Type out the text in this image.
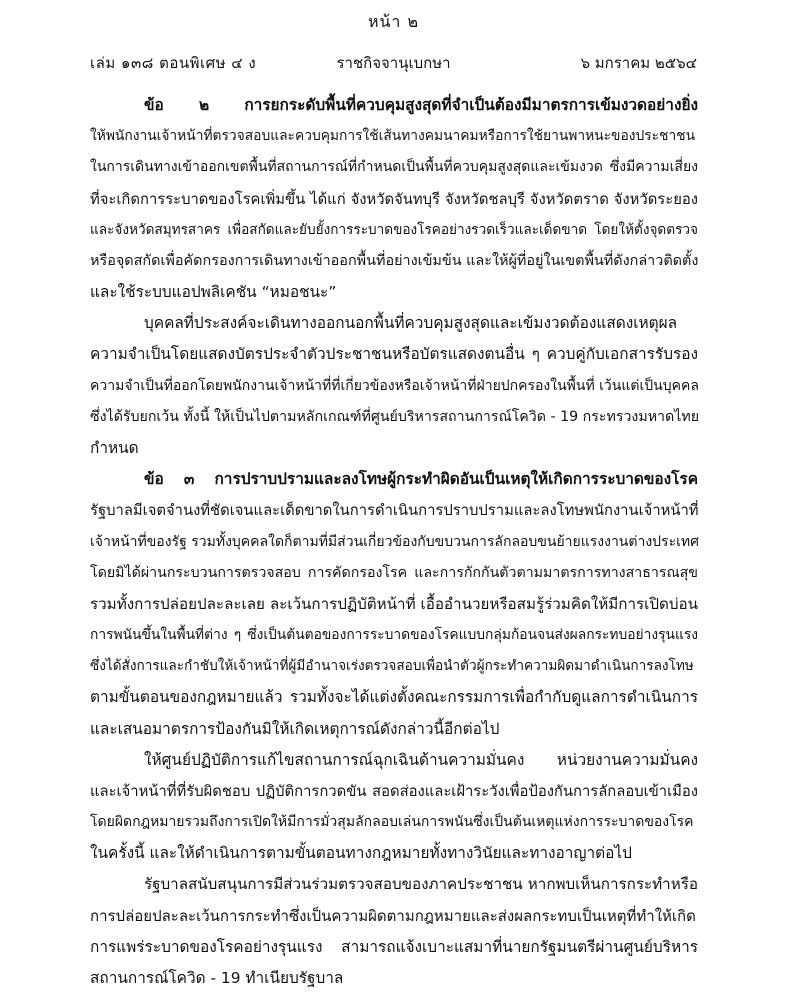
หน้า ๒
เล่ม ๑๓๘ ตอนพิเศษ ๔ ง	ราชกิจจานุเบกษา	๖ มกราคม ๒๕๖๔
ข้อ ๒ การยกระดับพื้นที่ควบคุมสูงสุดที่จำเป็นต้องมีมาตรการเข้มงวดอย่างยิ่ง
ให้พนักงานเจ้าหน้าที่ตรวจสอบและควบคุมการใช้เส้นทางคมนาคมหรือการใช้ยานพาหนะของประชาชน
ในการเดินทางเข้าออกเขตพื้นที่สถานการณ์ที่กำหนดเป็นพื้นที่ควบคุมสูงสุดและเข้มงวด ซึ่งมีความเสี่ยง
ที่จะเกิดการระบาดของโรคเพิ่มขึ้น ได้แก่ จังหวัดจันทบุรี จังหวัดชลบุรี จังหวัดตราด จังหวัดระยอง
และจังหวัดสมุทรสาคร เพื่อสกัดและยับยั้งการระบาดของโรคอย่างรวดเร็วและเด็ดขาด โดยให้ตั้งจุดตรวจ
หรือจุดสกัดเพื่อคัดกรองการเดินทางเข้าออกพื้นที่อย่างเข้มข้น และให้ผู้ที่อยู่ในเขตพื้นที่ดังกล่าวติดตั้ง
และใช้ระบบแอปพลิเคชัน “หมอชนะ”
บุคคลที่ประสงค์จะเดินทางออกนอกพื้นที่ควบคุมสูงสุดและเข้มงวดต้องแสดงเหตุผล
ความจำเป็นโดยแสดงบัตรประจำตัวประชาชนหรือบัตรแสดงตนอื่น ๆ ควบคู่กับเอกสารรับรอง
ความจำเป็นที่ออกโดยพนักงานเจ้าหน้าที่ที่เกี่ยวข้องหรือเจ้าหน้าที่ฝ่ายปกครองในพื้นที่ เว้นแต่เป็นบุคคล
ซึ่งได้รับยกเว้น ทั้งนี้ ให้เป็นไปตามหลักเกณฑ์ที่ศูนย์บริหารสถานการณ์โควิด - 19 กระทรวงมหาดไทย
กำหนด
ข้อ ๓ การปราบปรามและลงโทษผู้กระทำผิดอันเป็นเหตุให้เกิดการระบาดของโรค
รัฐบาลมีเจตจำนงที่ชัดเจนและเด็ดขาดในการดำเนินการปราบปรามและลงโทษพนักงานเจ้าหน้าที่
เจ้าหน้าที่ของรัฐ รวมทั้งบุคคลใดก็ตามที่มีส่วนเกี่ยวข้องกับขบวนการลักลอบขนย้ายแรงงานต่างประเทศ
โดยมิได้ผ่านกระบวนการตรวจสอบ การคัดกรองโรค และการกักกันตัวตามมาตรการทางสาธารณสุข
รวมทั้งการปล่อยปละละเลย ละเว้นการปฏิบัติหน้าที่ เอื้ออำนวยหรือสมรู้ร่วมคิดให้มีการเปิดบ่อน
การพนันขึ้นในพื้นที่ต่าง ๆ ซึ่งเป็นต้นตอของการระบาดของโรคแบบกลุ่มก้อนจนส่งผลกระทบอย่างรุนแรง
ซึ่งได้สั่งการและกำชับให้เจ้าหน้าที่ผู้มีอำนาจเร่งตรวจสอบเพื่อนำตัวผู้กระทำความผิดมาดำเนินการลงโทษ
ตามขั้นตอนของกฎหมายแล้ว รวมทั้งจะได้แต่งตั้งคณะกรรมการเพื่อกำกับดูแลการดำเนินการ
และเสนอมาตรการป้องกันมิให้เกิดเหตุการณ์ดังกล่าวนี้อีกต่อไป
ให้ศูนย์ปฏิบัติการแก้ไขสถานการณ์ฉุกเฉินด้านความมั่นคง หน่วยงานความมั่นคง
และเจ้าหน้าที่ที่รับผิดชอบ ปฏิบัติการกวดขัน สอดส่องและเฝ้าระวังเพื่อป้องกันการลักลอบเข้าเมือง
โดยผิดกฎหมายรวมถึงการเปิดให้มีการมั่วสุมลักลอบเล่นการพนันซึ่งเป็นต้นเหตุแห่งการระบาดของโรค
ในครั้งนี้ และให้ดำเนินการตามขั้นตอนทางกฎหมายทั้งทางวินัยและทางอาญาต่อไป
รัฐบาลสนับสนุนการมีส่วนร่วมตรวจสอบของภาคประชาชน หากพบเห็นการกระทำหรือ
การปล่อยปละละเว้นการกระทำซึ่งเป็นความผิดตามกฎหมายและส่งผลกระทบเป็นเหตุที่ทำให้เกิด
การแพร่ระบาดของโรคอย่างรุนแรง สามารถแจ้งเบาะแสมาที่นายกรัฐมนตรีผ่านศูนย์บริหาร
สถานการณ์โควิด - 19 ทำเนียบรัฐบาล
